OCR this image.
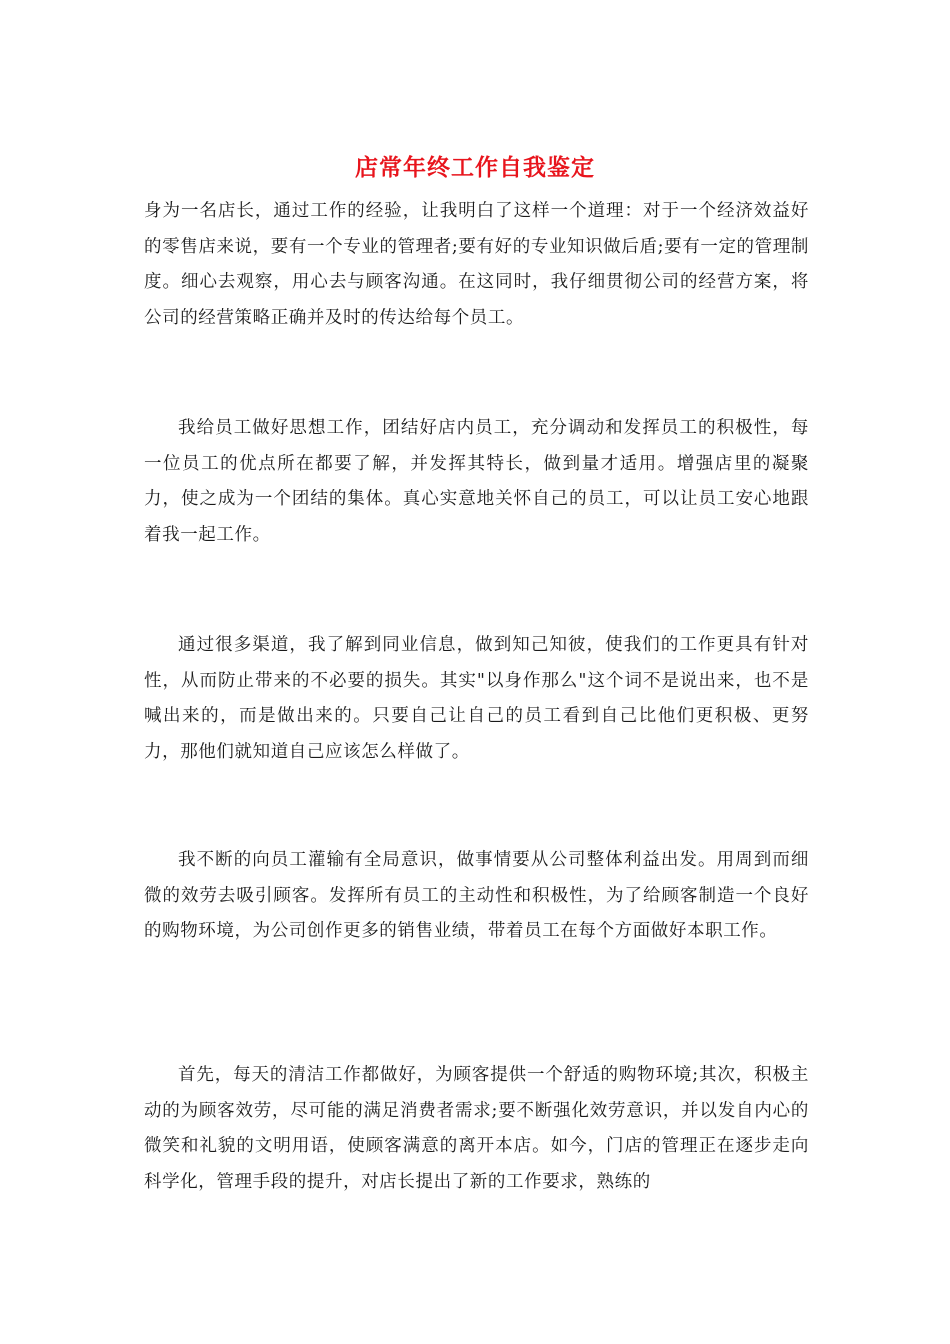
店常年终工作自我鉴定

身为一名店长，通过工作的经验，让我明白了这样一个道理：对于一个经济效益好的零售店来说，要有一个专业的管理者;要有好的专业知识做后盾;要有一定的管理制度。细心去观察，用心去与顾客沟通。在这同时，我仔细贯彻公司的经营方案，将公司的经营策略正确并及时的传达给每个员工。

我给员工做好思想工作，团结好店内员工，充分调动和发挥员工的积极性，每一位员工的优点所在都要了解，并发挥其特长，做到量才适用。增强店里的凝聚力，使之成为一个团结的集体。真心实意地关怀自己的员工，可以让员工安心地跟着我一起工作。

通过很多渠道，我了解到同业信息，做到知己知彼，使我们的工作更具有针对性，从而防止带来的不必要的损失。其实"以身作那么"这个词不是说出来，也不是喊出来的，而是做出来的。只要自己让自己的员工看到自己比他们更积极、更努力，那他们就知道自己应该怎么样做了。

我不断的向员工灌输有全局意识，做事情要从公司整体利益出发。用周到而细微的效劳去吸引顾客。发挥所有员工的主动性和积极性，为了给顾客制造一个良好的购物环境，为公司创作更多的销售业绩，带着员工在每个方面做好本职工作。

首先，每天的清洁工作都做好，为顾客提供一个舒适的购物环境;其次，积极主动的为顾客效劳，尽可能的满足消费者需求;要不断强化效劳意识，并以发自内心的微笑和礼貌的文明用语，使顾客满意的离开本店。如今，门店的管理正在逐步走向科学化，管理手段的提升，对店长提出了新的工作要求，熟练的
